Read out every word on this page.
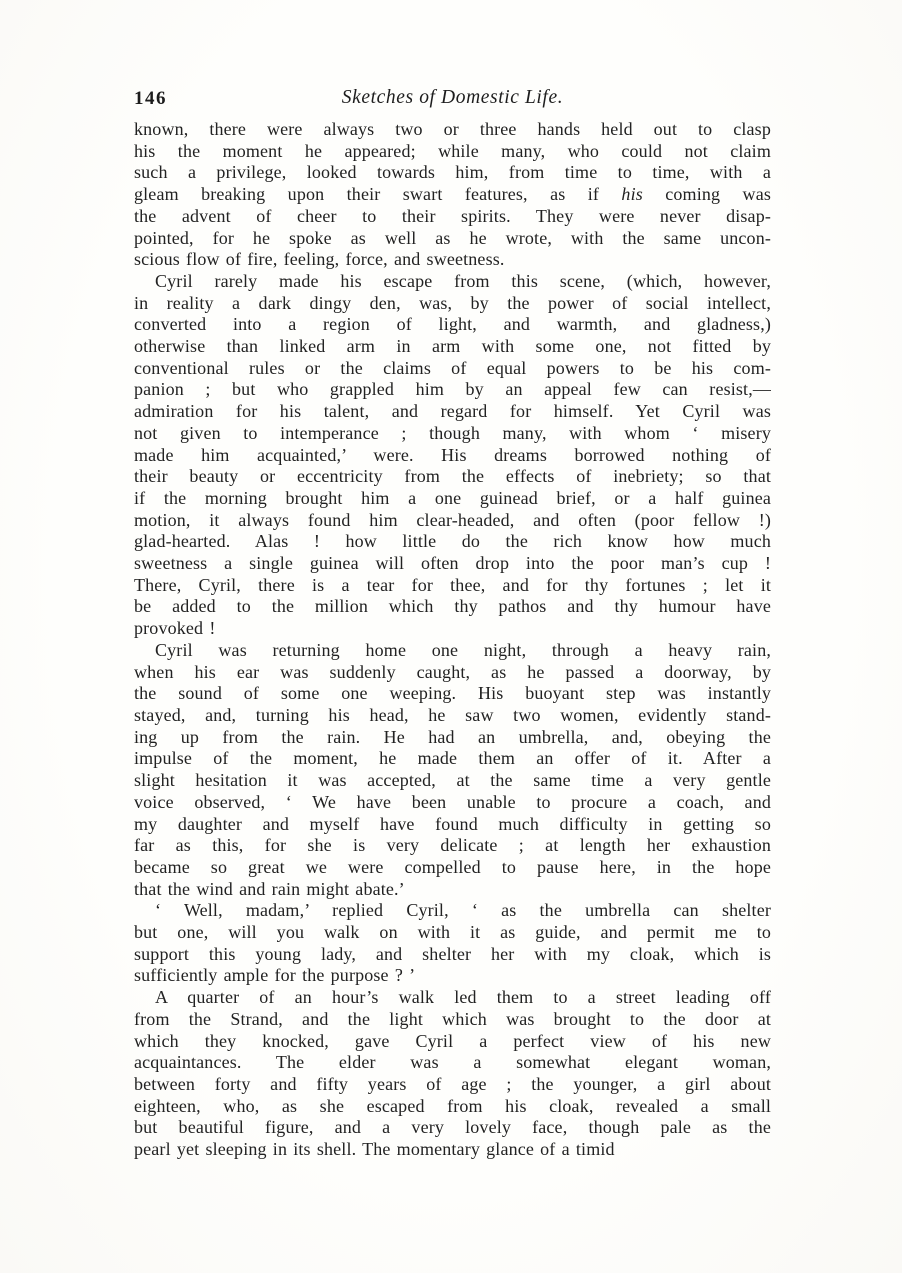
146	Sketches of Domestic Life.
known, there were always two or three hands held out to clasp
his the moment he appeared; while many, who could not claim
such a privilege, looked towards him, from time to time, with a
gleam breaking upon their swart features, as if his coming was
the advent of cheer to their spirits. They were never disap-
pointed, for he spoke as well as he wrote, with the same uncon-
scious flow of fire, feeling, force, and sweetness.
Cyril rarely made his escape from this scene, (which, however,
in reality a dark dingy den, was, by the power of social intellect,
converted into a region of light, and warmth, and gladness,)
otherwise than linked arm in arm with some one, not fitted by
conventional rules or the claims of equal powers to be his com-
panion ; but who grappled him by an appeal few can resist,—
admiration for his talent, and regard for himself. Yet Cyril was
not given to intemperance ; though many, with whom ‘ misery
made him acquainted,’ were. His dreams borrowed nothing of
their beauty or eccentricity from the effects of inebriety; so that
if the morning brought him a one guinead brief, or a half guinea
motion, it always found him clear-headed, and often (poor fellow !)
glad-hearted. Alas ! how little do the rich know how much
sweetness a single guinea will often drop into the poor man’s cup !
There, Cyril, there is a tear for thee, and for thy fortunes ; let it
be added to the million which thy pathos and thy humour have
provoked !
Cyril was returning home one night, through a heavy rain,
when his ear was suddenly caught, as he passed a doorway, by
the sound of some one weeping. His buoyant step was instantly
stayed, and, turning his head, he saw two women, evidently stand-
ing up from the rain. He had an umbrella, and, obeying the
impulse of the moment, he made them an offer of it. After a
slight hesitation it was accepted, at the same time a very gentle
voice observed, ‘ We have been unable to procure a coach, and
my daughter and myself have found much difficulty in getting so
far as this, for she is very delicate ; at length her exhaustion
became so great we were compelled to pause here, in the hope
that the wind and rain might abate.’
‘ Well, madam,’ replied Cyril, ‘ as the umbrella can shelter
but one, will you walk on with it as guide, and permit me to
support this young lady, and shelter her with my cloak, which is
sufficiently ample for the purpose ? ’
A quarter of an hour’s walk led them to a street leading off
from the Strand, and the light which was brought to the door at
which they knocked, gave Cyril a perfect view of his new
acquaintances. The elder was a somewhat elegant woman,
between forty and fifty years of age ; the younger, a girl about
eighteen, who, as she escaped from his cloak, revealed a small
but beautiful figure, and a very lovely face, though pale as the
pearl yet sleeping in its shell. The momentary glance of a timid
